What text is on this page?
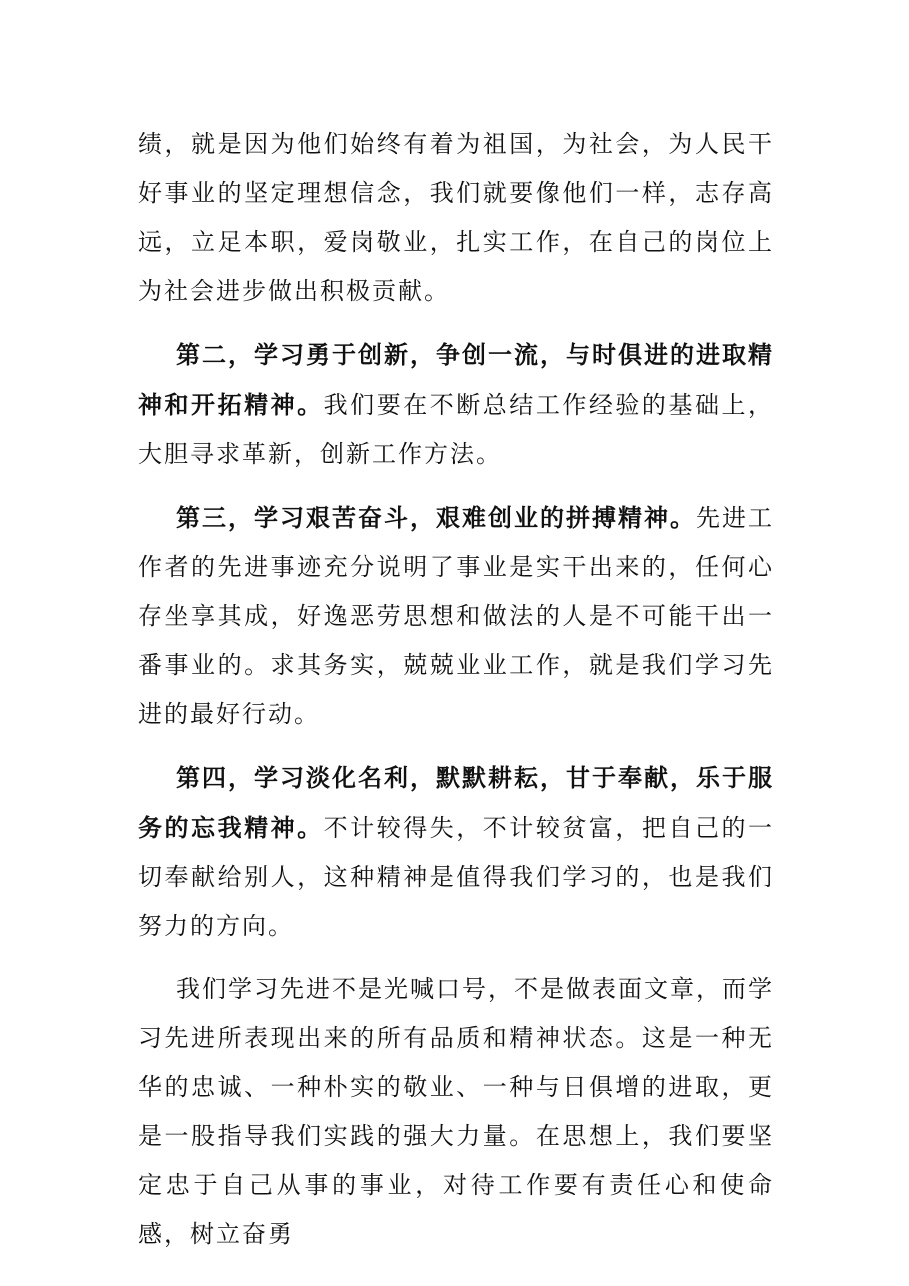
绩，就是因为他们始终有着为祖国，为社会，为人民干好事业的坚定理想信念，我们就要像他们一样，志存高远，立足本职，爱岗敬业，扎实工作，在自己的岗位上为社会进步做出积极贡献。

第二，学习勇于创新，争创一流，与时俱进的进取精神和开拓精神。我们要在不断总结工作经验的基础上，大胆寻求革新，创新工作方法。

第三，学习艰苦奋斗，艰难创业的拼搏精神。先进工作者的先进事迹充分说明了事业是实干出来的，任何心存坐享其成，好逸恶劳思想和做法的人是不可能干出一番事业的。求其务实，兢兢业业工作，就是我们学习先进的最好行动。

第四，学习淡化名利，默默耕耘，甘于奉献，乐于服务的忘我精神。不计较得失，不计较贫富，把自己的一切奉献给别人，这种精神是值得我们学习的，也是我们努力的方向。

我们学习先进不是光喊口号，不是做表面文章，而学习先进所表现出来的所有品质和精神状态。这是一种无华的忠诚、一种朴实的敬业、一种与日俱增的进取，更是一股指导我们实践的强大力量。在思想上，我们要坚定忠于自己从事的事业，对待工作要有责任心和使命感，树立奋勇
